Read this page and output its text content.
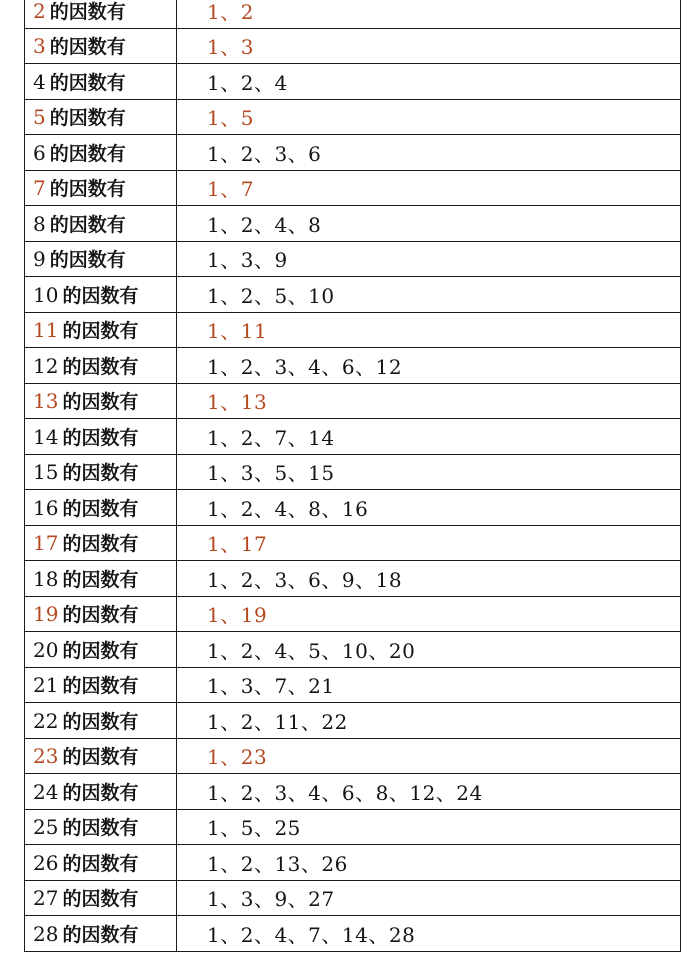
2 的因数有	1、2
3 的因数有	1、3
4 的因数有	1、2、4
5 的因数有	1、5
6 的因数有	1、2、3、6
7 的因数有	1、7
8 的因数有	1、2、4、8
9 的因数有	1、3、9
10 的因数有	1、2、5、10
11 的因数有	1、11
12 的因数有	1、2、3、4、6、12
13 的因数有	1、13
14 的因数有	1、2、7、14
15 的因数有	1、3、5、15
16 的因数有	1、2、4、8、16
17 的因数有	1、17
18 的因数有	1、2、3、6、9、18
19 的因数有	1、19
20 的因数有	1、2、4、5、10、20
21 的因数有	1、3、7、21
22 的因数有	1、2、11、22
23 的因数有	1、23
24 的因数有	1、2、3、4、6、8、12、24
25 的因数有	1、5、25
26 的因数有	1、2、13、26
27 的因数有	1、3、9、27
28 的因数有	1、2、4、7、14、28
